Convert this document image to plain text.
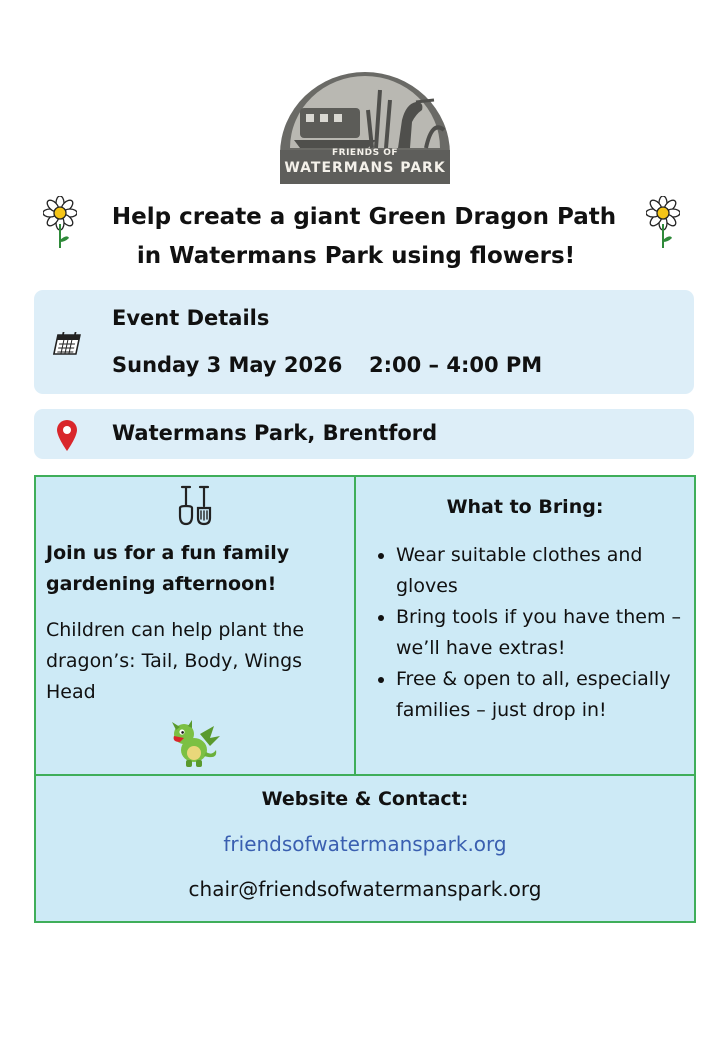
FRIENDS OF
WATERMANS PARK
Help create a giant Green Dragon Path
in Watermans Park using flowers!
Event Details
Sunday 3 May 2026 2:00 – 4:00 PM
Watermans Park, Brentford
Join us for a fun family gardening afternoon!
Children can help plant the dragon’s: Tail, Body, Wings Head
What to Bring:
• Wear suitable clothes and gloves
• Bring tools if you have them – we’ll have extras!
• Free & open to all, especially families – just drop in!
Website & Contact:
friendsofwatermanspark.org
chair@friendsofwatermanspark.org
